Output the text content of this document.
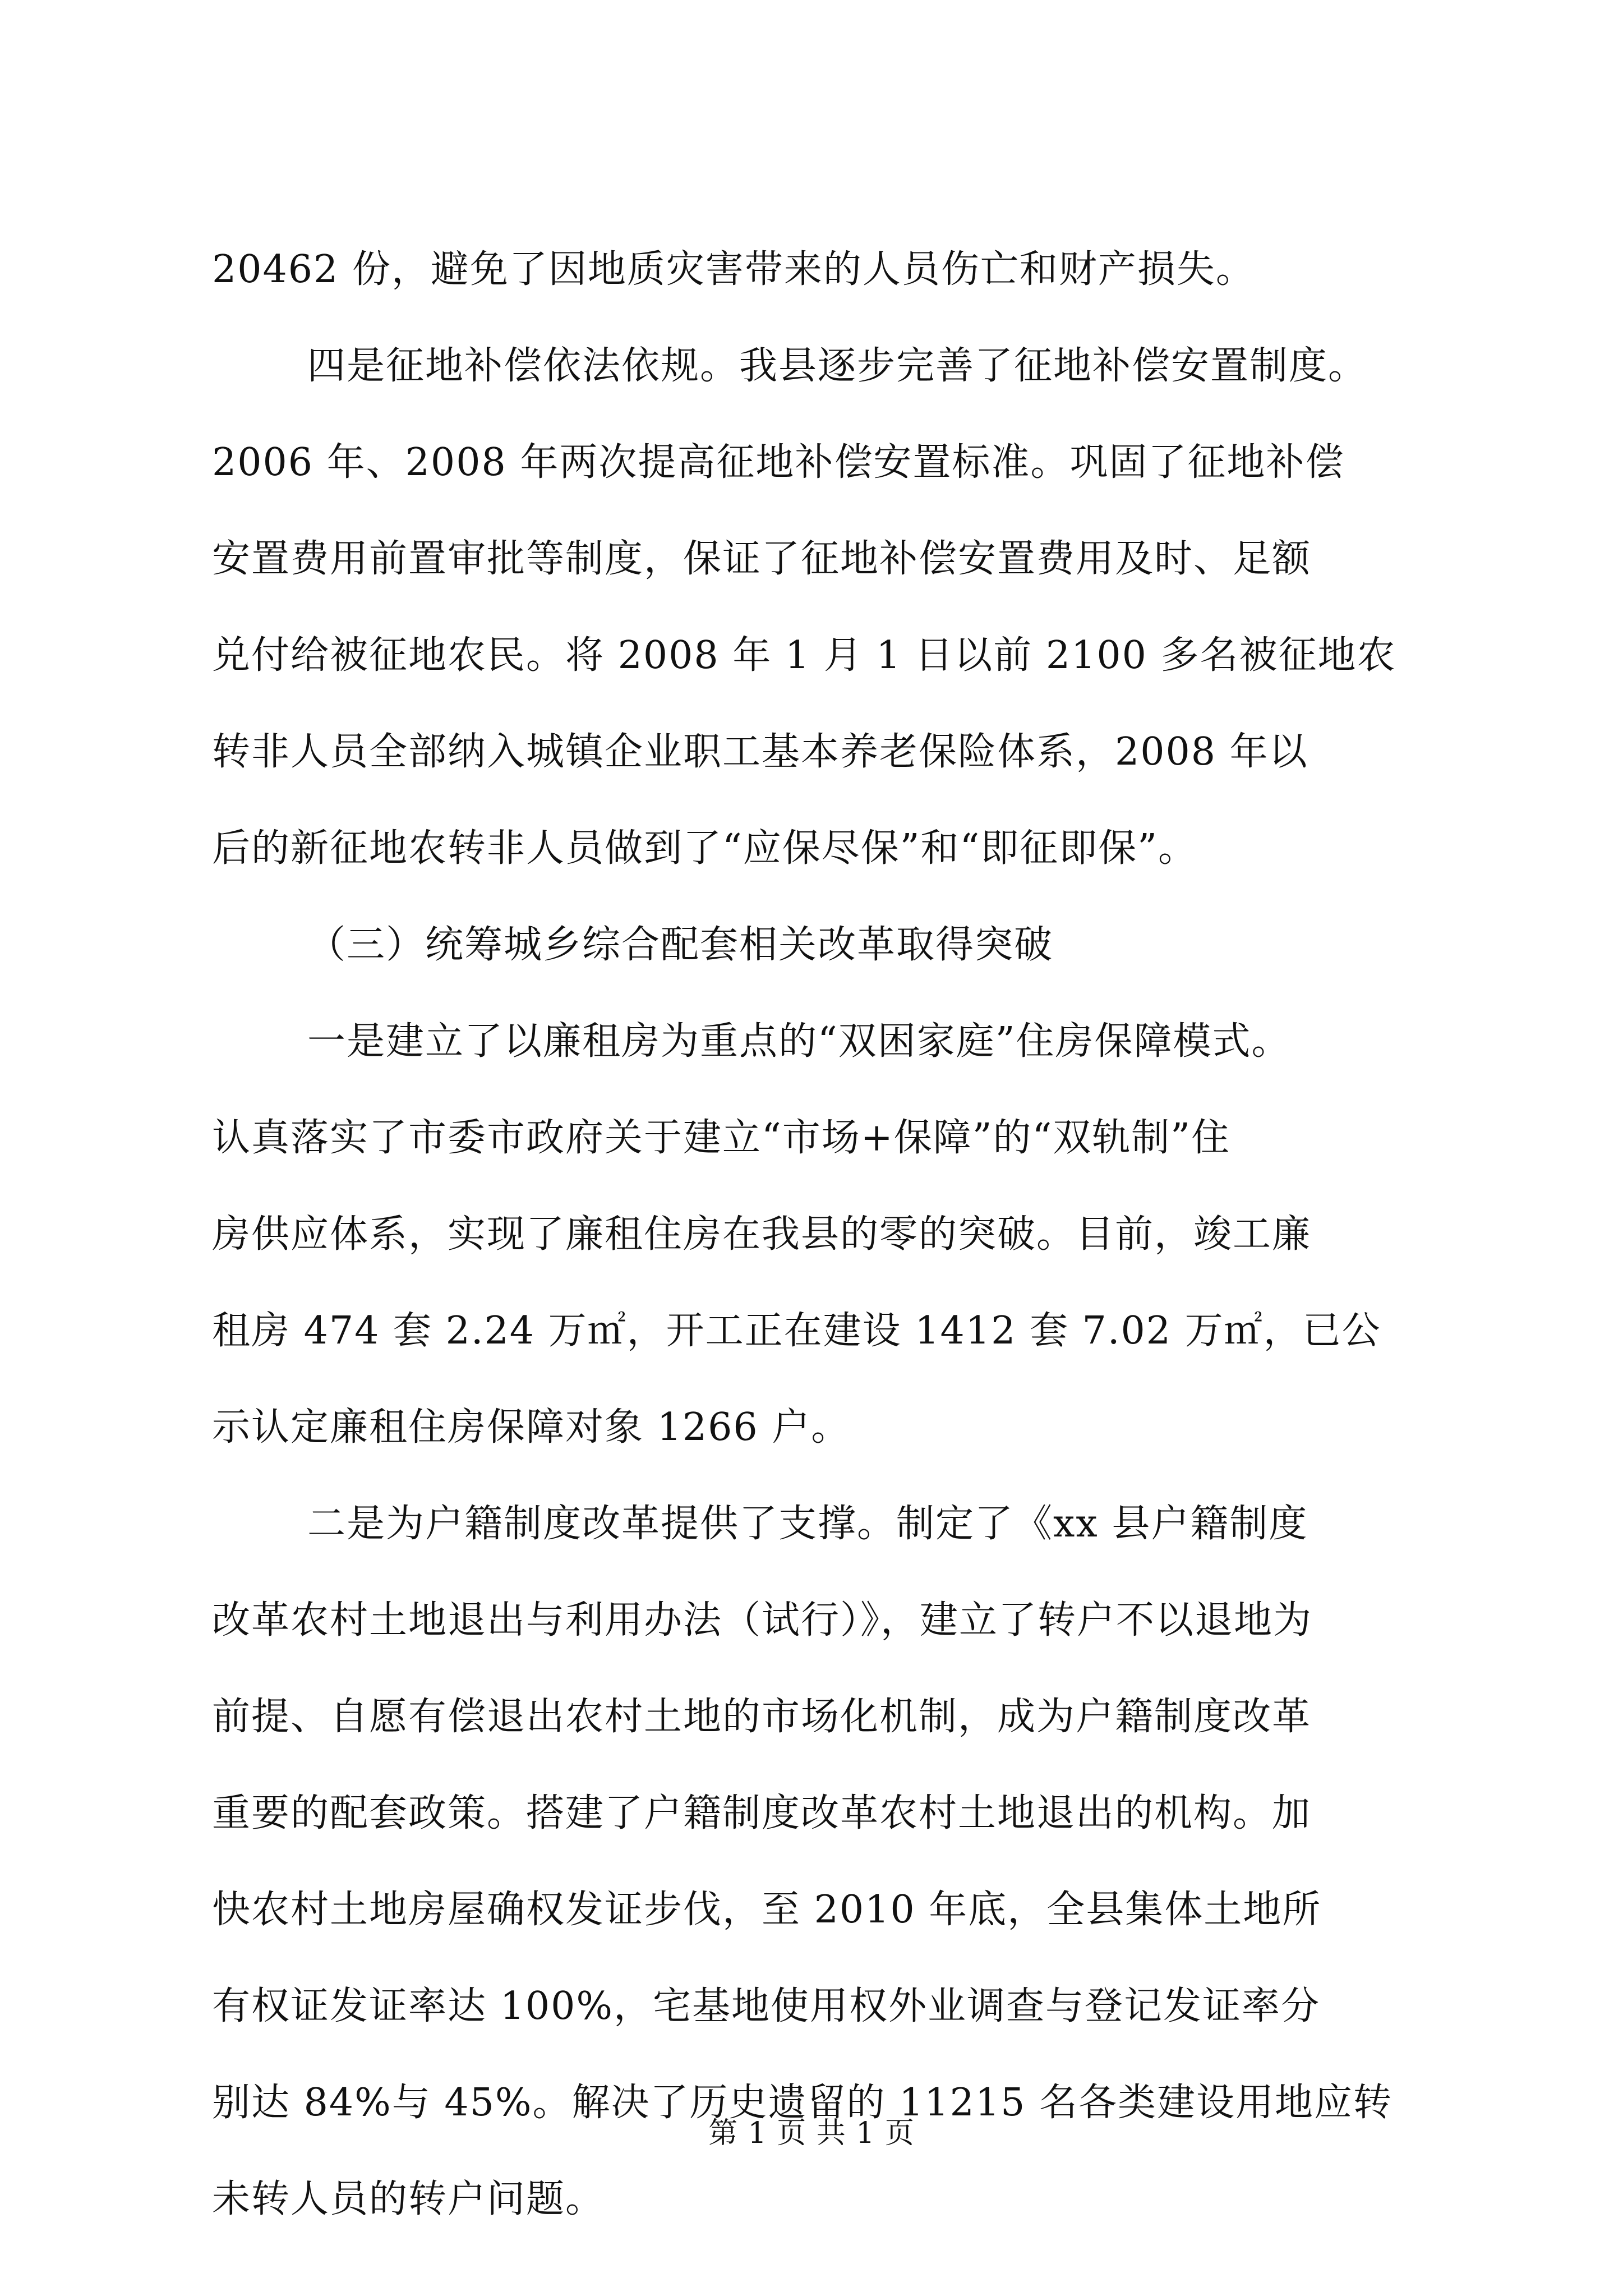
20462 份，避免了因地质灾害带来的人员伤亡和财产损失。
四是征地补偿依法依规。我县逐步完善了征地补偿安置制度。
2006 年、2008 年两次提高征地补偿安置标准。巩固了征地补偿
安置费用前置审批等制度，保证了征地补偿安置费用及时、足额
兑付给被征地农民。将 2008 年 1 月 1 日以前 2100 多名被征地农
转非人员全部纳入城镇企业职工基本养老保险体系，2008 年以
后的新征地农转非人员做到了“应保尽保”和“即征即保”。
（三）统筹城乡综合配套相关改革取得突破
一是建立了以廉租房为重点的“双困家庭”住房保障模式。
认真落实了市委市政府关于建立“市场+保障”的“双轨制”住
房供应体系，实现了廉租住房在我县的零的突破。目前，竣工廉
租房 474 套 2.24 万㎡，开工正在建设 1412 套 7.02 万㎡，已公
示认定廉租住房保障对象 1266 户。
二是为户籍制度改革提供了支撑。制定了《xx 县户籍制度
改革农村土地退出与利用办法（试行）》，建立了转户不以退地为
前提、自愿有偿退出农村土地的市场化机制，成为户籍制度改革
重要的配套政策。搭建了户籍制度改革农村土地退出的机构。加
快农村土地房屋确权发证步伐，至 2010 年底，全县集体土地所
有权证发证率达 100%，宅基地使用权外业调查与登记发证率分
别达 84%与 45%。解决了历史遗留的 11215 名各类建设用地应转
未转人员的转户问题。
第 1 页 共 1 页
